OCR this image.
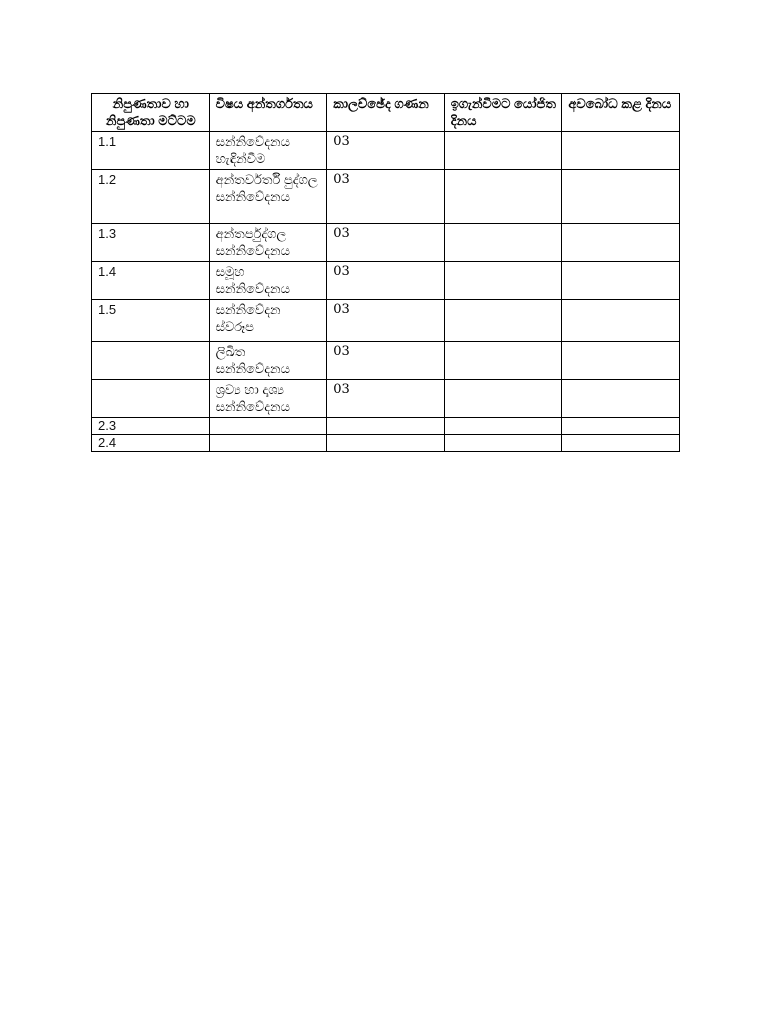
නිපුණතාව හා නිපුණතා මට්ටම	විෂය අන්තර්ගතය	කාලච්ඡේද ගණන	ඉගැන්වීමට යෝජිත දිනය	අවබෝධ කළ දිනය
1.1	සන්නිවේදනය හැඳින්වීම	03		
1.2	අන්තර්වර්ති පුද්ගල සන්නිවේදනය	03		
1.3	අන්තර්පුද්ගල සන්නිවේදනය	03		
1.4	සමූහ සන්නිවේදනය	03		
1.5	සන්නිවේදන ස්වරූප	03		
	ලිඛිත සන්නිවේදනය	03		
	ශ්‍රව්‍ය හා දෘශ්‍ය සන්නිවේදනය	03		
2.3				
2.4				
